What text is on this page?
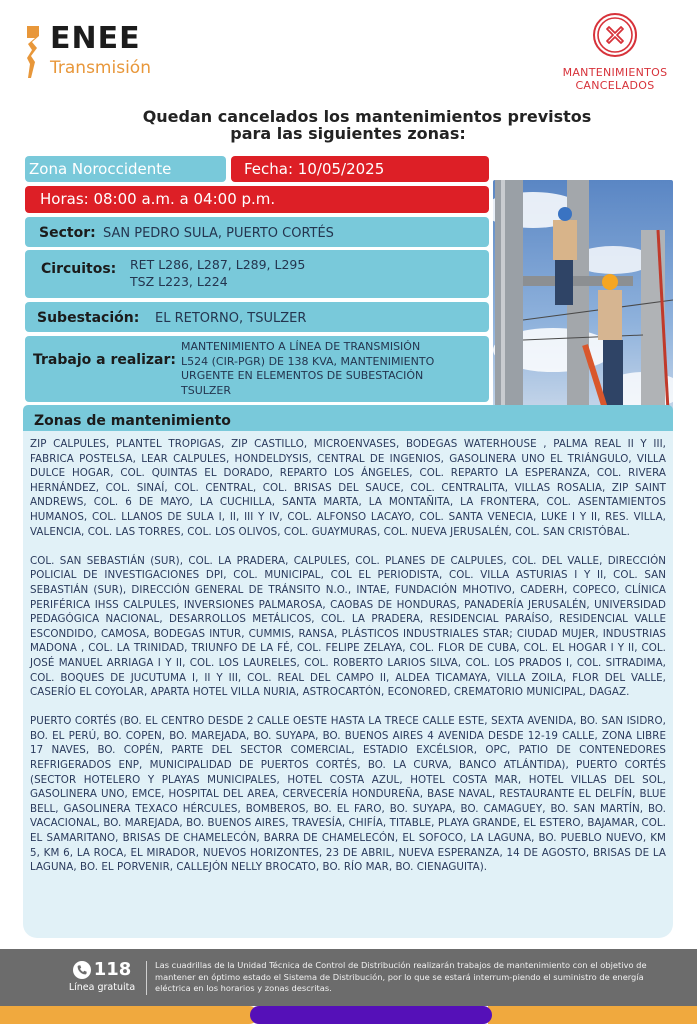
ENEE
Transmisión	MANTENIMIENTOS
CANCELADOS
Quedan cancelados los mantenimientos previstos
para las siguientes zonas:
Zona Noroccidente	Fecha: 10/05/2025
Horas: 08:00 a.m. a 04:00 p.m.
Sector: SAN PEDRO SULA, PUERTO CORTÉS
Circuitos: RET L286, L287, L289, L295
TSZ L223, L224
Subestación: EL RETORNO, TSULZER
Trabajo a realizar:
MANTENIMIENTO A LÍNEA DE TRANSMISIÓN
L524 (CIR-PGR) DE 138 KVA, MANTENIMIENTO
URGENTE EN ELEMENTOS DE SUBESTACIÓN
TSULZER
Zonas de mantenimiento

ZIP CALPULES, PLANTEL TROPIGAS, ZIP CASTILLO, MICROENVASES, BODEGAS WATERHOUSE , PALMA REAL II Y III, FABRICA POSTELSA, LEAR CALPULES, HONDELDYSIS, CENTRAL DE INGENIOS, GASOLINERA UNO EL TRIÁNGULO, VILLA DULCE HOGAR, COL. QUINTAS EL DORADO, REPARTO LOS ÁNGELES, COL. REPARTO LA ESPERANZA, COL. RIVERA HERNÁNDEZ, COL. SINAÍ, COL. CENTRAL, COL. BRISAS DEL SAUCE, COL. CENTRALITA, VILLAS ROSALIA, ZIP SAINT ANDREWS, COL. 6 DE MAYO, LA CUCHILLA, SANTA MARTA, LA MONTAÑITA, LA FRONTERA, COL. ASENTAMIENTOS HUMANOS, COL. LLANOS DE SULA I, II, III Y IV, COL. ALFONSO LACAYO, COL. SANTA VENECIA, LUKE I Y II, RES. VILLA, VALENCIA, COL. LAS TORRES, COL. LOS OLIVOS, COL. GUAYMURAS, COL. NUEVA JERUSALÉN, COL. SAN CRISTÓBAL.

COL. SAN SEBASTIÁN (SUR), COL. LA PRADERA, CALPULES, COL. PLANES DE CALPULES, COL. DEL VALLE, DIRECCIÓN POLICIAL DE INVESTIGACIONES DPI, COL. MUNICIPAL, COL EL PERIODISTA, COL. VILLA ASTURIAS I Y II, COL. SAN SEBASTIÁN (SUR), DIRECCIÓN GENERAL DE TRÁNSITO N.O., INTAE, FUNDACIÓN MHOTIVO, CADERH, COPECO, CLÍNICA PERIFÉRICA IHSS CALPULES, INVERSIONES PALMAROSA, CAOBAS DE HONDURAS, PANADERÍA JERUSALÉN, UNIVERSIDAD PEDAGÓGICA NACIONAL, DESARROLLOS METÁLICOS, COL. LA PRADERA, RESIDENCIAL PARAÍSO, RESIDENCIAL VALLE ESCONDIDO, CAMOSA, BODEGAS INTUR, CUMMIS, RANSA, PLÁSTICOS INDUSTRIALES STAR; CIUDAD MUJER, INDUSTRIAS MADONA , COL. LA TRINIDAD, TRIUNFO DE LA FÉ, COL. FELIPE ZELAYA, COL. FLOR DE CUBA, COL. EL HOGAR I Y II, COL. JOSÉ MANUEL ARRIAGA I Y II, COL. LOS LAURELES, COL. ROBERTO LARIOS SILVA, COL. LOS PRADOS I, COL. SITRADIMA, COL. BOQUES DE JUCUTUMA I, II Y III, COL. REAL DEL CAMPO II, ALDEA TICAMAYA, VILLA ZOILA, FLOR DEL VALLE, CASERÍO EL COYOLAR, APARTA HOTEL VILLA NURIA, ASTROCARTÓN, ECONORED, CREMATORIO MUNICIPAL, DAGAZ.

PUERTO CORTÉS (BO. EL CENTRO DESDE 2 CALLE OESTE HASTA LA TRECE CALLE ESTE, SEXTA AVENIDA, BO. SAN ISIDRO, BO. EL PERÚ, BO. COPEN, BO. MAREJADA, BO. SUYAPA, BO. BUENOS AIRES 4 AVENIDA DESDE 12-19 CALLE, ZONA LIBRE 17 NAVES, BO. COPÉN, PARTE DEL SECTOR COMERCIAL, ESTADIO EXCÉLSIOR, OPC, PATIO DE CONTENEDORES REFRIGERADOS ENP, MUNICIPALIDAD DE PUERTOS CORTÉS, BO. LA CURVA, BANCO ATLÁNTIDA), PUERTO CORTÉS (SECTOR HOTELERO Y PLAYAS MUNICIPALES, HOTEL COSTA AZUL, HOTEL COSTA MAR, HOTEL VILLAS DEL SOL, GASOLINERA UNO, EMCE, HOSPITAL DEL AREA, CERVECERÍA HONDUREÑA, BASE NAVAL, RESTAURANTE EL DELFÍN, BLUE BELL, GASOLINERA TEXACO HÉRCULES, BOMBEROS, BO. EL FARO, BO. SUYAPA, BO. CAMAGUEY, BO. SAN MARTÍN, BO. VACACIONAL, BO. MAREJADA, BO. BUENOS AIRES, TRAVESÍA, CHIFÍA, TITABLE, PLAYA GRANDE, EL ESTERO, BAJAMAR, COL. EL SAMARITANO, BRISAS DE CHAMELECÓN, BARRA DE CHAMELECÓN, EL SOFOCO, LA LAGUNA, BO. PUEBLO NUEVO, KM 5, KM 6, LA ROCA, EL MIRADOR, NUEVOS HORIZONTES, 23 DE ABRIL, NUEVA ESPERANZA, 14 DE AGOSTO, BRISAS DE LA LAGUNA, BO. EL PORVENIR, CALLEJÓN NELLY BROCATO, BO. RÍO MAR, BO. CIENAGUITA).

118
Línea gratuita
Las cuadrillas de la Unidad Técnica de Control de Distribución realizarán trabajos de mantenimiento con el objetivo de mantener en óptimo estado el Sistema de Distribución, por lo que se estará interrum-piendo el suministro de energía eléctrica en los horarios y zonas descritas.
